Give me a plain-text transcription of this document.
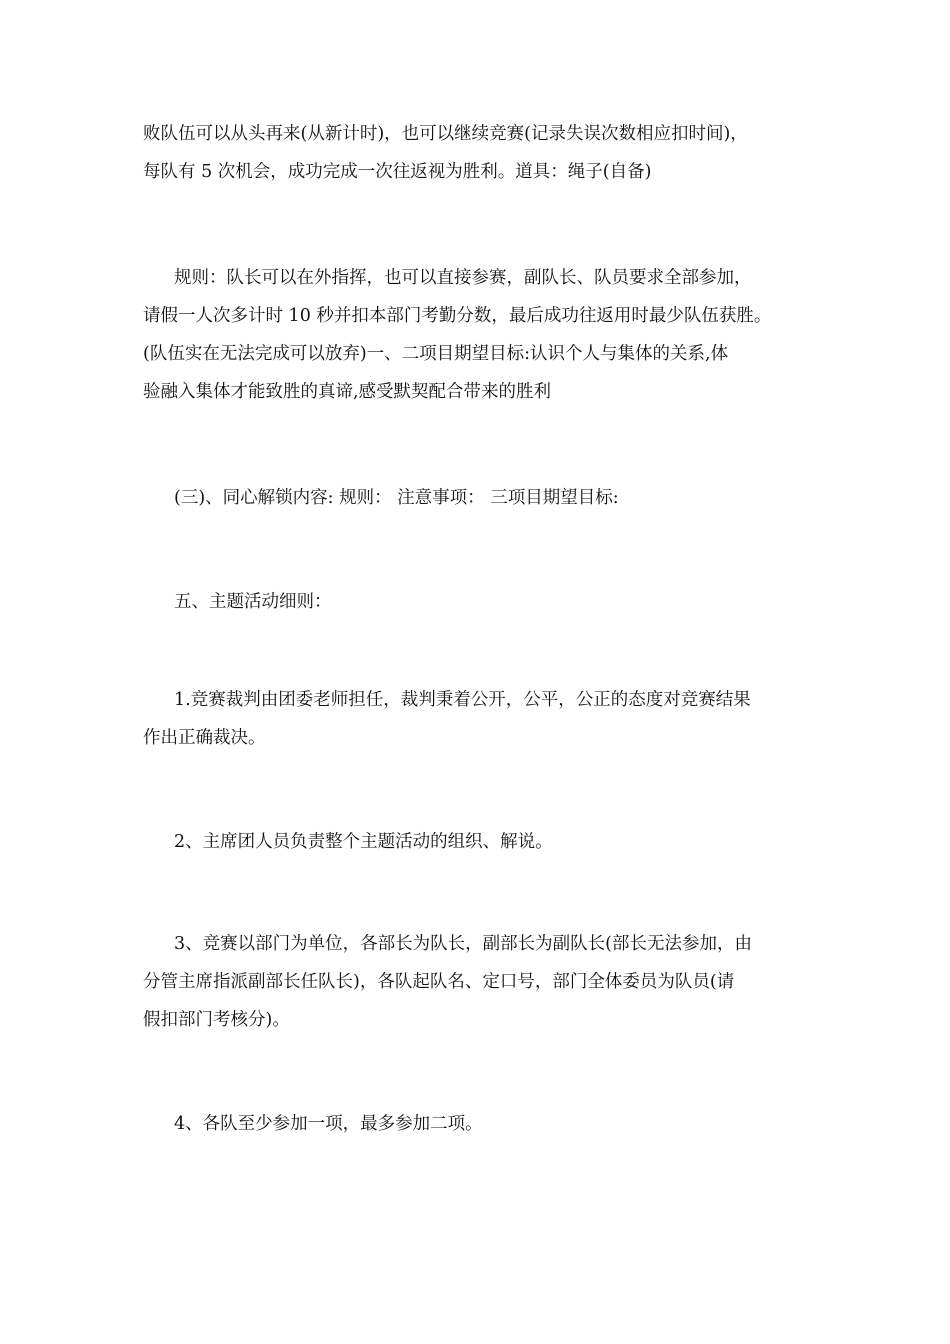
败队伍可以从头再来(从新计时)，也可以继续竞赛(记录失误次数相应扣时间)，
每队有 5 次机会，成功完成一次往返视为胜利。道具：绳子(自备)
规则：队长可以在外指挥，也可以直接参赛，副队长、队员要求全部参加，
请假一人次多计时 10 秒并扣本部门考勤分数，最后成功往返用时最少队伍获胜。
(队伍实在无法完成可以放弃)一、二项目期望目标:认识个人与集体的关系,体
验融入集体才能致胜的真谛,感受默契配合带来的胜利
(三)、同心解锁内容: 规则： 注意事项： 三项目期望目标:
五、主题活动细则：
1.竞赛裁判由团委老师担任，裁判秉着公开，公平，公正的态度对竞赛结果
作出正确裁决。
2、主席团人员负责整个主题活动的组织、解说。
3、竞赛以部门为单位，各部长为队长，副部长为副队长(部长无法参加，由
分管主席指派副部长任队长)，各队起队名、定口号，部门全体委员为队员(请
假扣部门考核分)。
4、各队至少参加一项，最多参加二项。
